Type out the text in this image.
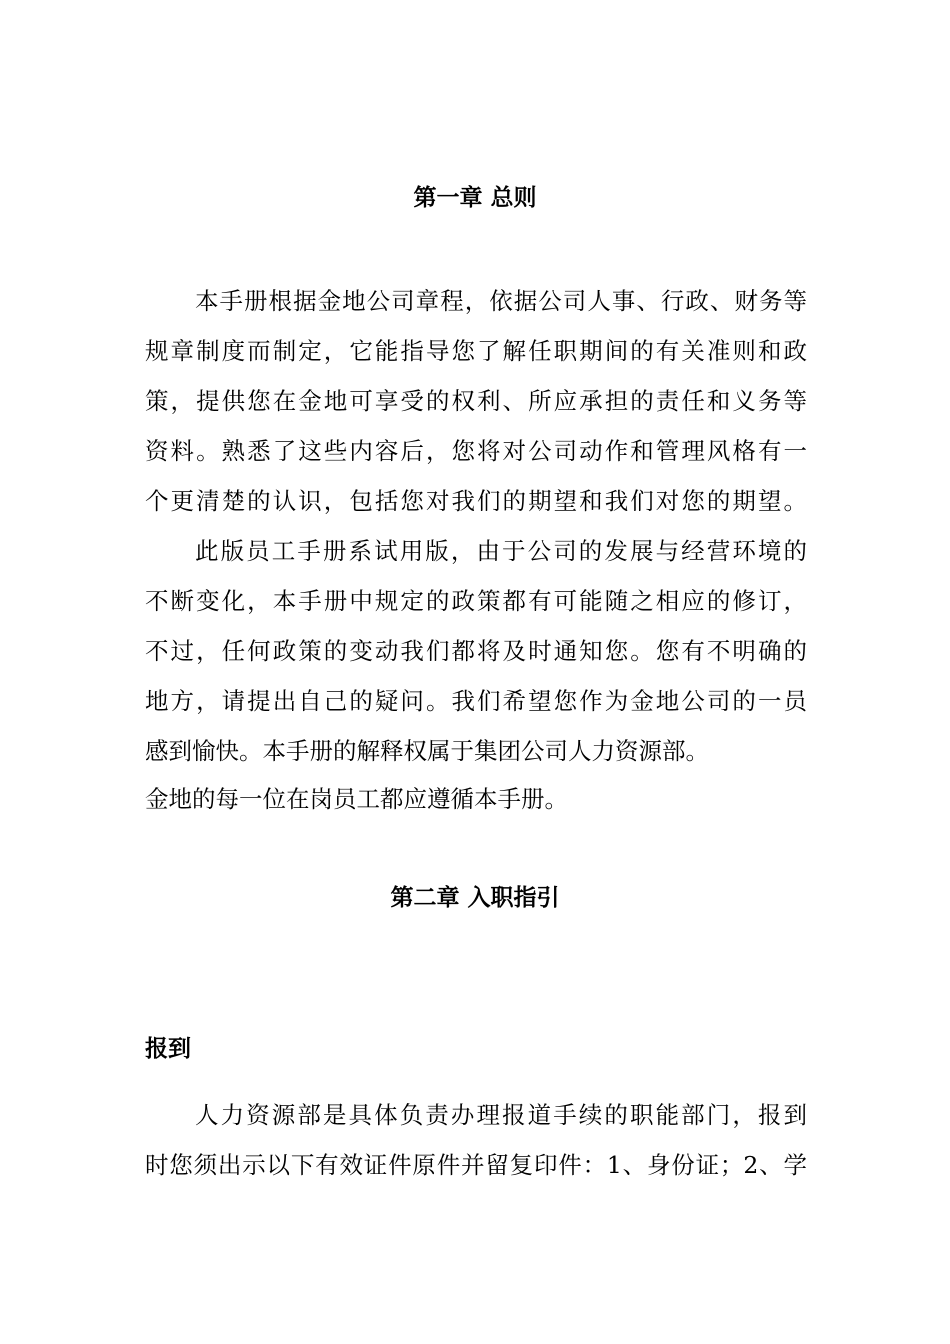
第一章 总则

本手册根据金地公司章程，依据公司人事、行政、财务等

规章制度而制定，它能指导您了解任职期间的有关准则和政

策，提供您在金地可享受的权利、所应承担的责任和义务等

资料。熟悉了这些内容后，您将对公司动作和管理风格有一

个更清楚的认识，包括您对我们的期望和我们对您的期望。

此版员工手册系试用版，由于公司的发展与经营环境的

不断变化，本手册中规定的政策都有可能随之相应的修订，

不过，任何政策的变动我们都将及时通知您。您有不明确的

地方，请提出自己的疑问。我们希望您作为金地公司的一员

感到愉快。本手册的解释权属于集团公司人力资源部。

金地的每一位在岗员工都应遵循本手册。

第二章 入职指引
报到

人力资源部是具体负责办理报道手续的职能部门，报到

时您须出示以下有效证件原件并留复印件：1、身份证；2、学
